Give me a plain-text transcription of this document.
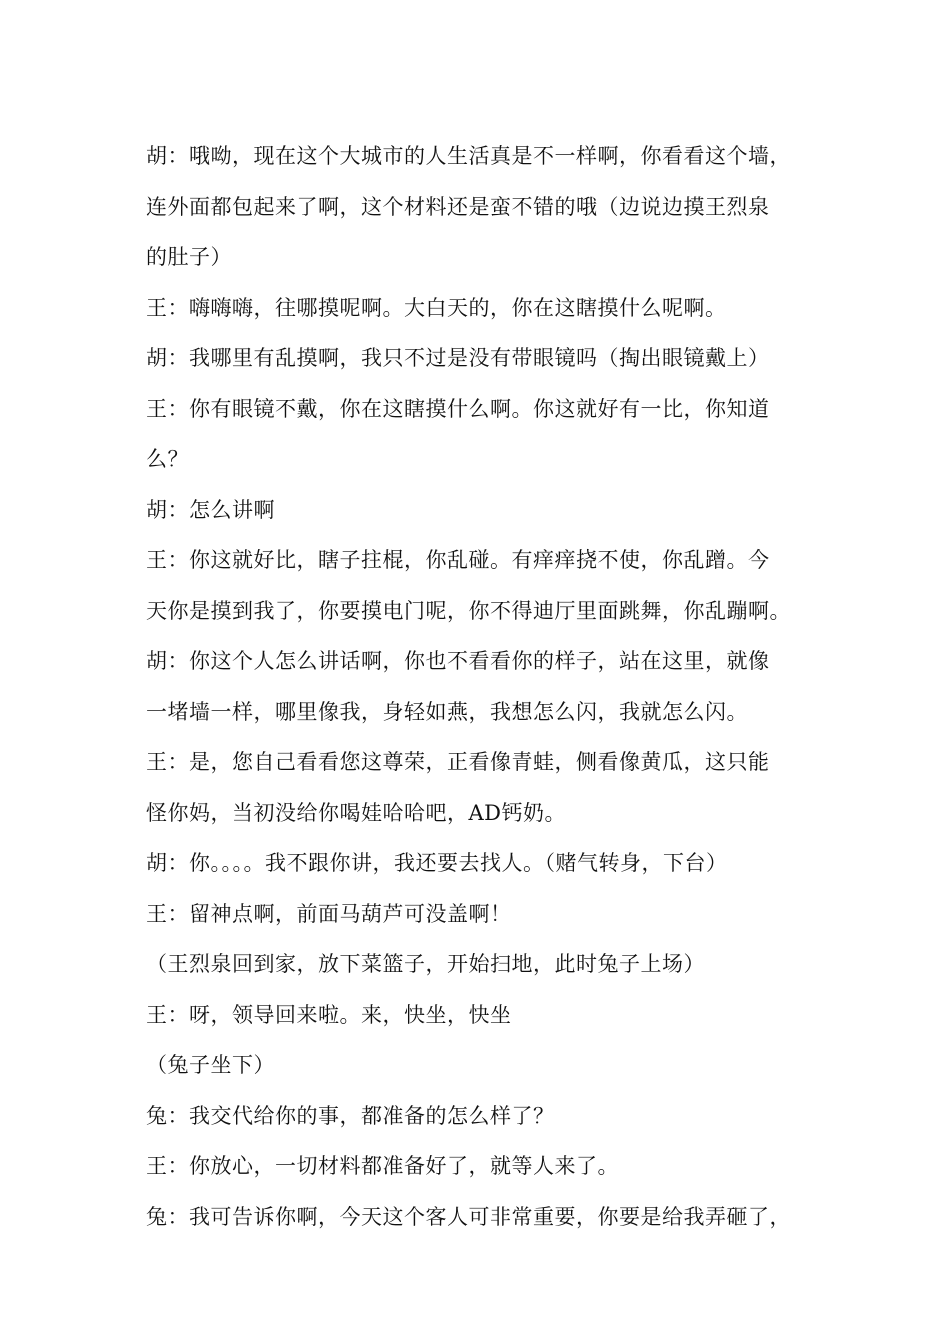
胡：哦呦，现在这个大城市的人生活真是不一样啊，你看看这个墙，

连外面都包起来了啊，这个材料还是蛮不错的哦（边说边摸王烈泉

的肚子）

王：嗨嗨嗨，往哪摸呢啊。大白天的，你在这瞎摸什么呢啊。

胡：我哪里有乱摸啊，我只不过是没有带眼镜吗（掏出眼镜戴上）

王：你有眼镜不戴，你在这瞎摸什么啊。你这就好有一比，你知道

么？

胡：怎么讲啊

王：你这就好比，瞎子拄棍，你乱碰。有痒痒挠不使，你乱蹭。今

天你是摸到我了，你要摸电门呢，你不得迪厅里面跳舞，你乱蹦啊。

胡：你这个人怎么讲话啊，你也不看看你的样子，站在这里，就像

一堵墙一样，哪里像我，身轻如燕，我想怎么闪，我就怎么闪。

王：是，您自己看看您这尊荣，正看像青蛙，侧看像黄瓜，这只能

怪你妈，当初没给你喝娃哈哈吧，AD钙奶。

胡：你。。。。我不跟你讲，我还要去找人。（赌气转身，下台）

王：留神点啊，前面马葫芦可没盖啊！

（王烈泉回到家，放下菜篮子，开始扫地，此时兔子上场）

王：呀，领导回来啦。来，快坐，快坐

（兔子坐下）

兔：我交代给你的事，都准备的怎么样了？

王：你放心，一切材料都准备好了，就等人来了。

兔：我可告诉你啊，今天这个客人可非常重要，你要是给我弄砸了，
